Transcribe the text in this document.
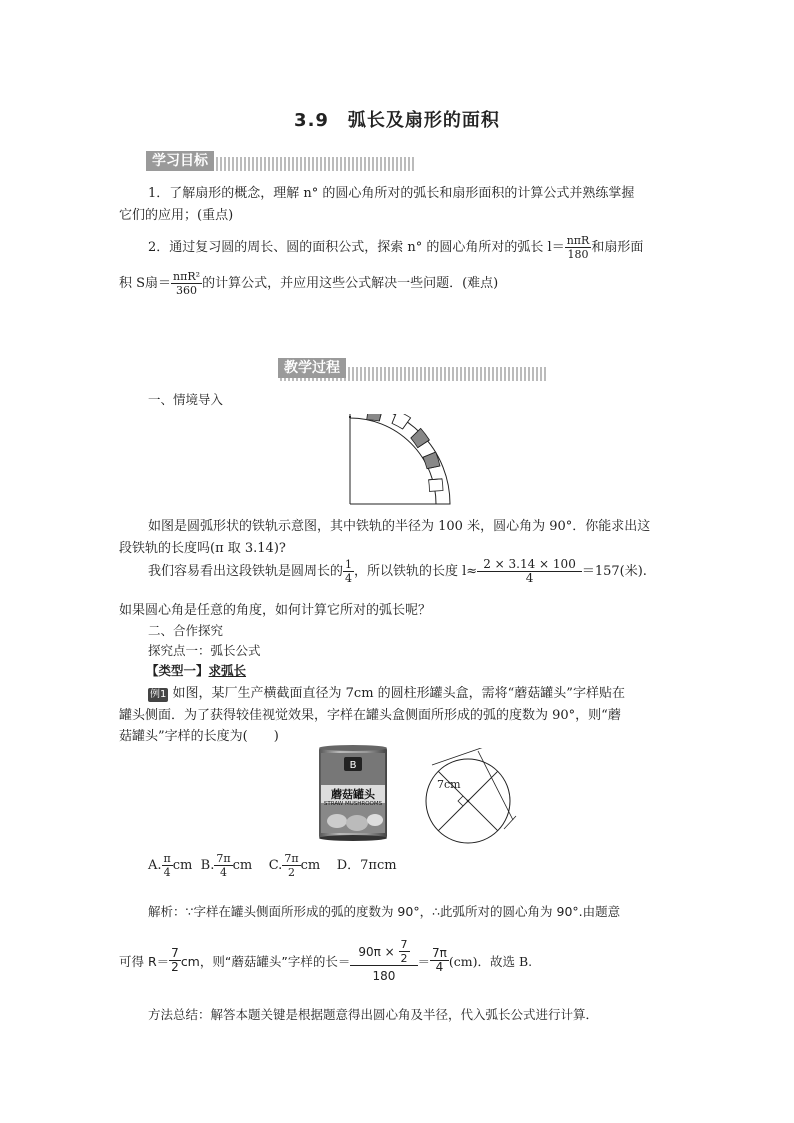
3.9　弧长及扇形的面积
学习目标
1．了解扇形的概念，理解 n° 的圆心角所对的弧长和扇形面积的计算公式并熟练掌握
它们的应用；(重点)
2．通过复习圆的周长、圆的面积公式，探索 n° 的圆心角所对的弧长 $l= \frac{\text{nπR}}{180}$ 和扇形面
积 S扇＝ $\frac{\text{nπR²}}{360}$ 的计算公式，并应用这些公式解决一些问题．(难点)
教学过程
一、情境导入
如图是圆弧形状的铁轨示意图，其中铁轨的半径为 100 米，圆心角为 90°．你能求出这
段铁轨的长度吗(π 取 3.14)?
我们容易看出这段铁轨是圆周长的 $\frac{1}{4}$ ，所以铁轨的长度 $l\approx \frac{2 \times 3.14 \times 100}{4} =157$(米).
如果圆心角是任意的角度，如何计算它所对的弧长呢？
二、合作探究
探究点一：弧长公式
【类型一】求弧长
例1 如图，某厂生产横截面直径为 7cm 的圆柱形罐头盒，需将“蘑菇罐头”字样贴在
罐头侧面．为了获得较佳视觉效果，字样在罐头盒侧面所形成的弧的度数为 90°，则“蘑
菇罐头”字样的长度为(　　)
B
蘑菇罐头
STRAW MUSHROOMS
7cm
A. $\frac{\pi}{4}$ cm B. $\frac{7\pi}{4}$ cm C. $\frac{7\pi}{2}$ cm D．7πcm
解析：∵字样在罐头侧面所形成的弧的度数为 90°，∴此弧所对的圆心角为 90°.由题意
可得 $R= \frac{7}{2}$ cm，则“蘑菇罐头”字样的长＝ $\frac{90\pi \times \frac{7}{2}}{180} = \frac{7\pi}{4} (cm)$．故选 B.
方法总结：解答本题关键是根据题意得出圆心角及半径，代入弧长公式进行计算．
